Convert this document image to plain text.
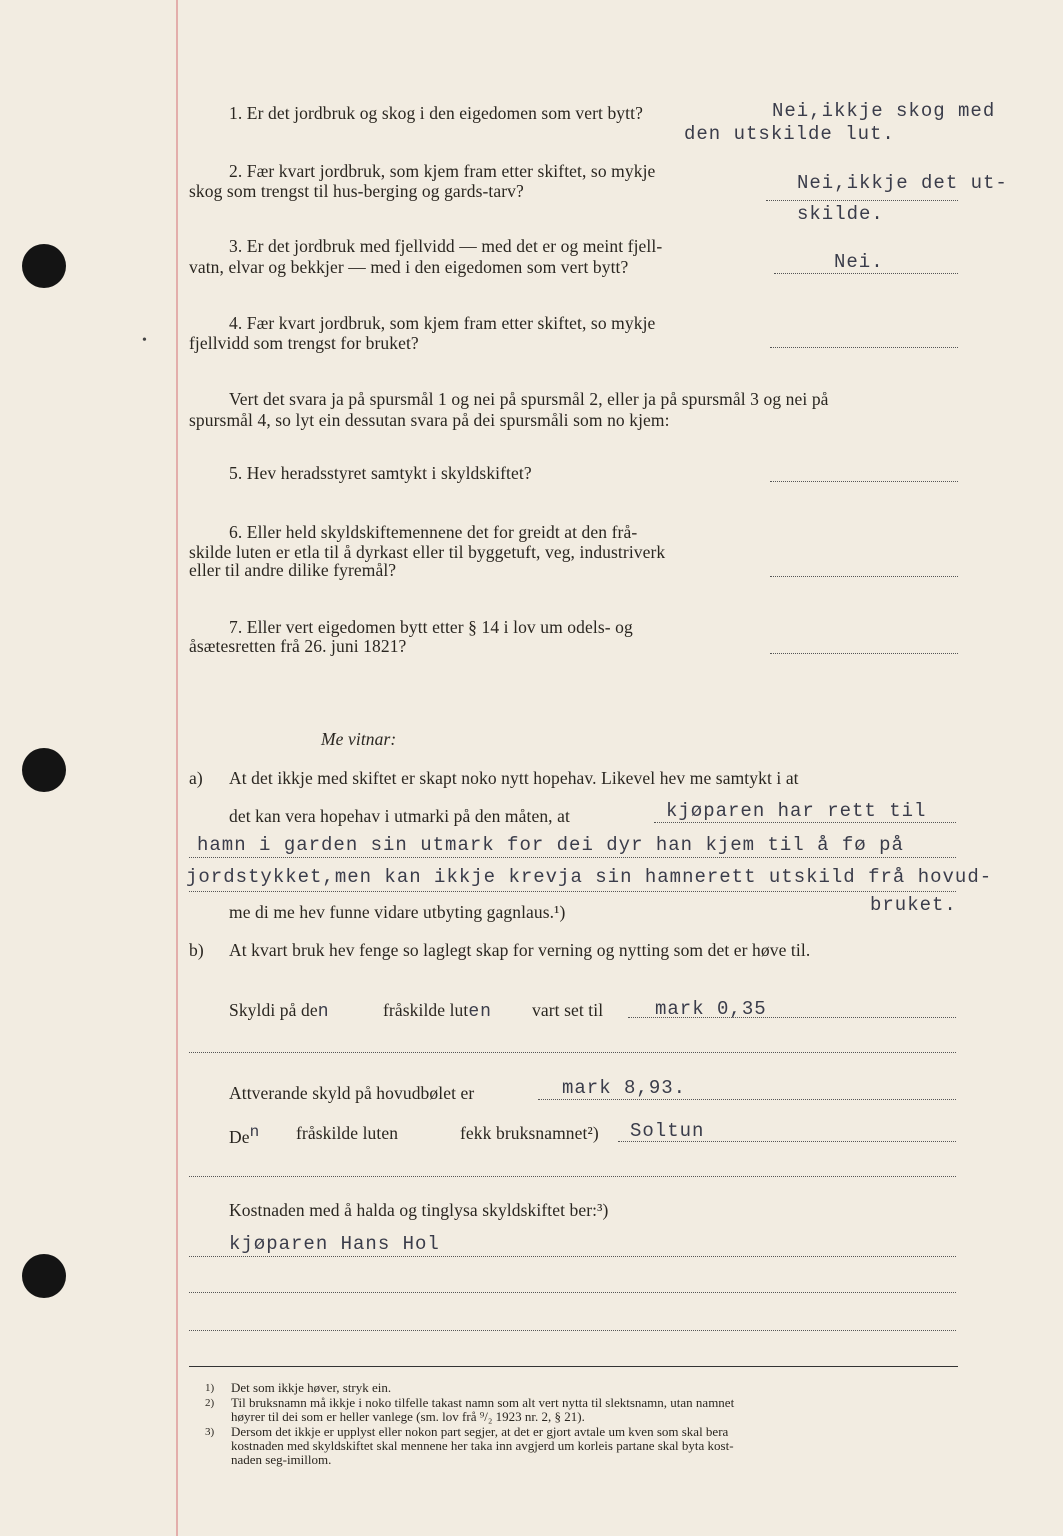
•
1. Er det jordbruk og skog i den eigedomen som vert bytt?	Nei,ikkje skog med
den utskilde lut.
2. Fær kvart jordbruk, som kjem fram etter skiftet, so mykje
skog som trengst til hus-berging og gards-tarv?	Nei,ikkje det ut-
skilde.
3. Er det jordbruk med fjellvidd — med det er og meint fjell-
vatn, elvar og bekkjer — med i den eigedomen som vert bytt?	Nei.
4. Fær kvart jordbruk, som kjem fram etter skiftet, so mykje
fjellvidd som trengst for bruket?
Vert det svara ja på spursmål 1 og nei på spursmål 2, eller ja på spursmål 3 og nei på
spursmål 4, so lyt ein dessutan svara på dei spursmåli som no kjem:
5. Hev heradsstyret samtykt i skyldskiftet?
6. Eller held skyldskiftemennene det for greidt at den frå-
skilde luten er etla til å dyrkast eller til byggetuft, veg, industriverk
eller til andre dilike fyremål?
7. Eller vert eigedomen bytt etter § 14 i lov um odels- og
åsætesretten frå 26. juni 1821?
Me vitnar:
a) At det ikkje med skiftet er skapt noko nytt hopehav. Likevel hev me samtykt i at
det kan vera hopehav i utmarki på den måten, at	kjøparen har rett til
hamn i garden sin utmark for dei dyr han kjem til å fø på
jordstykket,men kan ikkje krevja sin hamnerett utskild frå hovud-
me di me hev funne vidare utbyting gagnlaus.¹)	bruket.
b) At kvart bruk hev fenge so laglegt skap for verning og nytting som det er høve til.
Skyldi på den	fråskilde luten vart set til	mark 0,35
Attverande skyld på hovudbølet er	mark 8,93.
De$^n$ fråskilde luten	fekk bruksnamnet²) Soltun
Kostnaden med å halda og tinglysa skyldskiftet ber:³)
kjøparen Hans Hol
1) Det som ikkje høver, stryk ein.
2) Til bruksnamn må ikkje i noko tilfelle takast namn som alt vert nytta til slektsnamn, utan namnet
høyrer til dei som er heller vanlege (sm. lov frå ⁹/₂ 1923 nr. 2, § 21).
3) Dersom det ikkje er upplyst eller nokon part segjer, at det er gjort avtale um kven som skal bera
kostnaden med skyldskiftet skal mennene her taka inn avgjerd um korleis partane skal byta kost-
naden seg-imillom.
